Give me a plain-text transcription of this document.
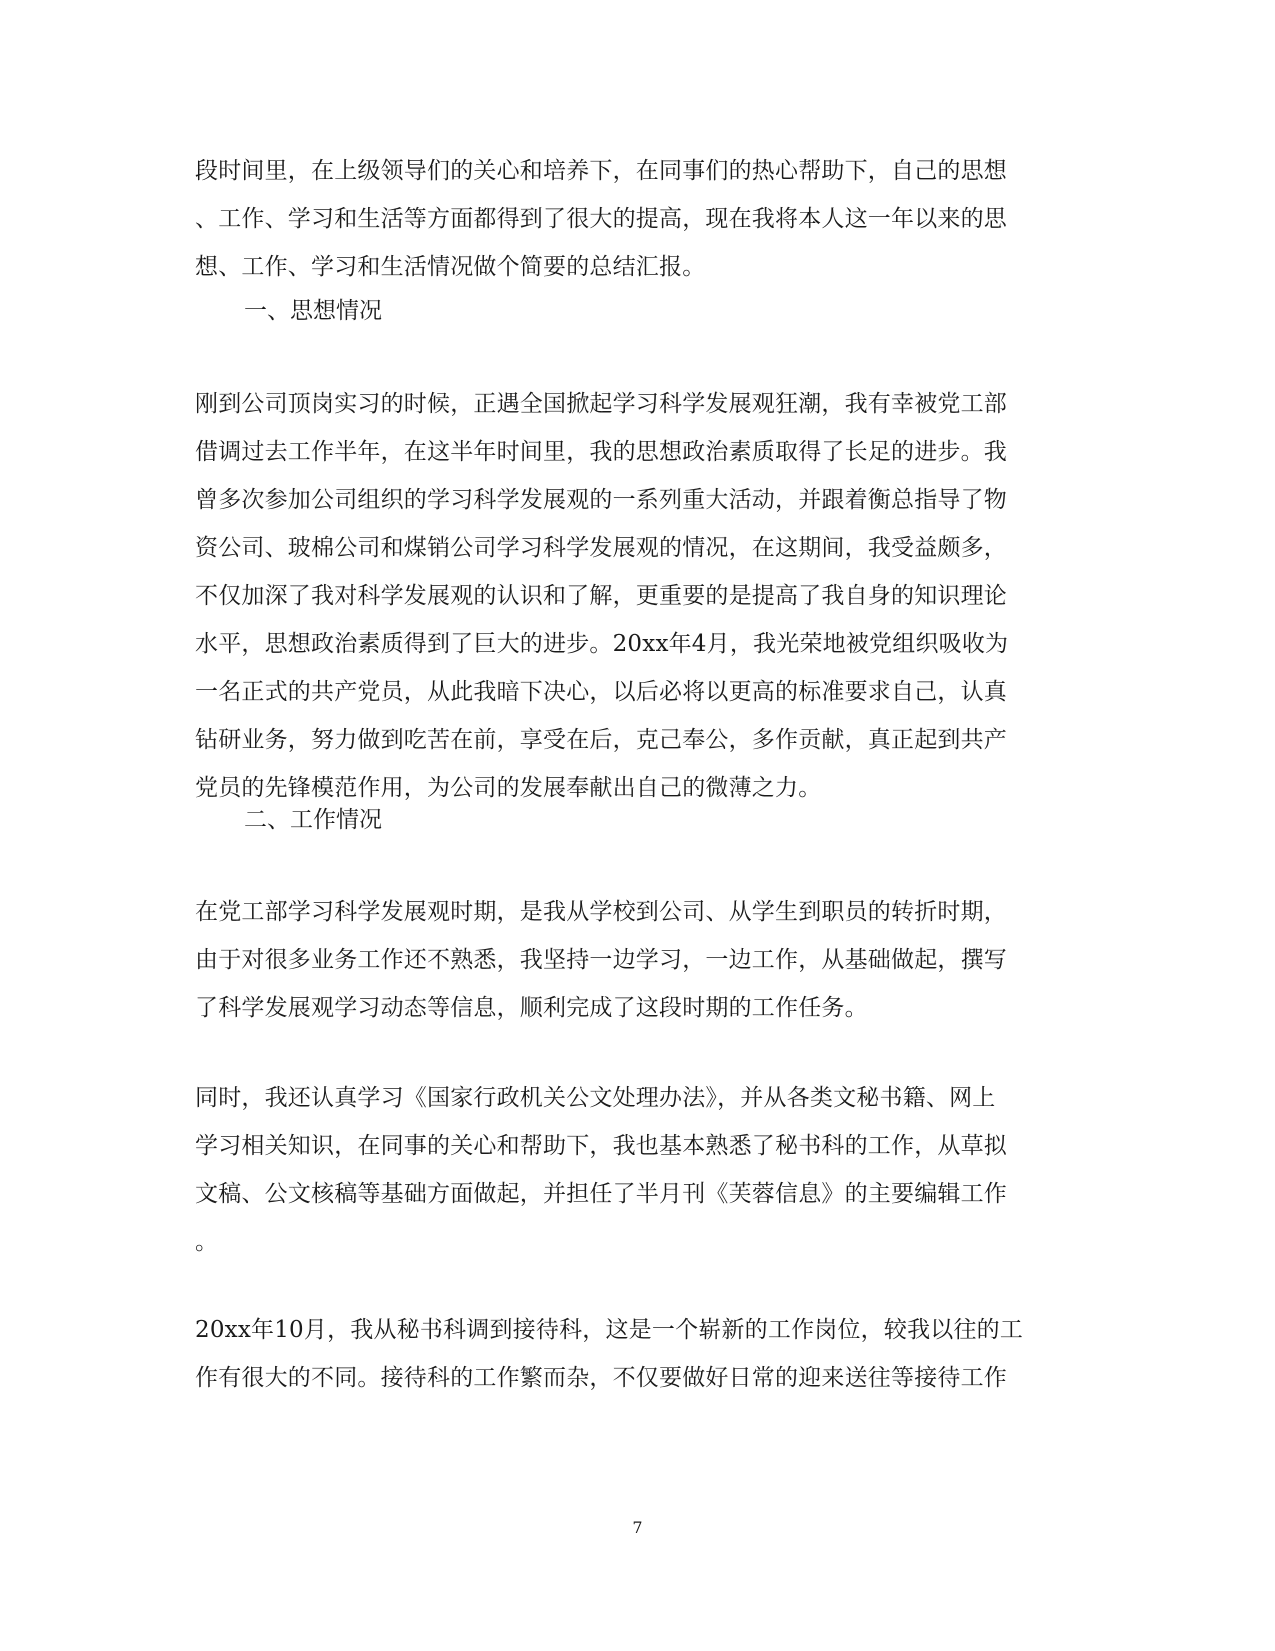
段时间里，在上级领导们的关心和培养下，在同事们的热心帮助下，自己的思想
、工作、学习和生活等方面都得到了很大的提高，现在我将本人这一年以来的思
想、工作、学习和生活情况做个简要的总结汇报。

一、思想情况

刚到公司顶岗实习的时候，正遇全国掀起学习科学发展观狂潮，我有幸被党工部
借调过去工作半年，在这半年时间里，我的思想政治素质取得了长足的进步。我
曾多次参加公司组织的学习科学发展观的一系列重大活动，并跟着衡总指导了物
资公司、玻棉公司和煤销公司学习科学发展观的情况，在这期间，我受益颇多，
不仅加深了我对科学发展观的认识和了解，更重要的是提高了我自身的知识理论
水平，思想政治素质得到了巨大的进步。20xx年4月，我光荣地被党组织吸收为
一名正式的共产党员，从此我暗下决心，以后必将以更高的标准要求自己，认真
钻研业务，努力做到吃苦在前，享受在后，克己奉公，多作贡献，真正起到共产
党员的先锋模范作用，为公司的发展奉献出自己的微薄之力。

二、工作情况

在党工部学习科学发展观时期，是我从学校到公司、从学生到职员的转折时期，
由于对很多业务工作还不熟悉，我坚持一边学习，一边工作，从基础做起，撰写
了科学发展观学习动态等信息，顺利完成了这段时期的工作任务。

同时，我还认真学习《国家行政机关公文处理办法》，并从各类文秘书籍、网上
学习相关知识，在同事的关心和帮助下，我也基本熟悉了秘书科的工作，从草拟
文稿、公文核稿等基础方面做起，并担任了半月刊《芙蓉信息》的主要编辑工作
。

20xx年10月，我从秘书科调到接待科，这是一个崭新的工作岗位，较我以往的工
作有很大的不同。接待科的工作繁而杂，不仅要做好日常的迎来送往等接待工作

7
